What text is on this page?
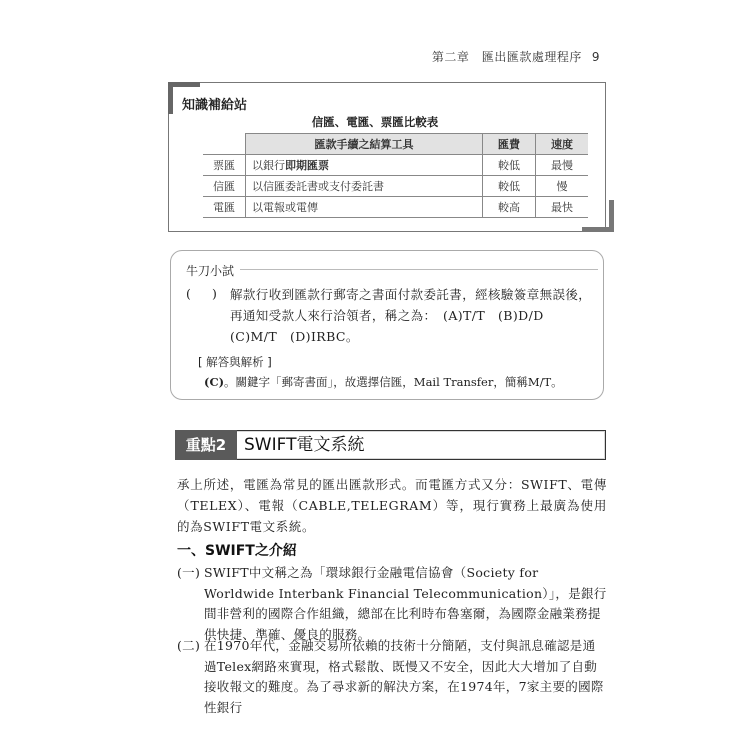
第二章　匯出匯款處理程序 9
知識補給站
信匯、電匯、票匯比較表
	匯款手續之結算工具	匯費	速度
票匯	以銀行即期匯票	較低	最慢
信匯	以信匯委託書或支付委託書	較低	慢
電匯	以電報或電傳	較高	最快
牛刀小試
( ) 解款行收到匯款行郵寄之書面付款委託書，經核驗簽章無誤後，再通知受款人來行洽領者，稱之為：　(A)T/T　(B)D/D　(C)M/T　(D)IRBC。
[ 解答與解析 ]
(C)。關鍵字「郵寄書面」，故選擇信匯，Mail Transfer，簡稱M/T。
重點2	SWIFT電文系統
承上所述，電匯為常見的匯出匯款形式。而電匯方式又分：SWIFT、電傳（TELEX）、電報（CABLE,TELEGRAM）等，現行實務上最廣為使用的為SWIFT電文系統。
一、SWIFT之介紹
(一) SWIFT中文稱之為「環球銀行金融電信協會（Society for Worldwide Interbank Financial Telecommunication）」，是銀行間非營利的國際合作組織，總部在比利時布魯塞爾，為國際金融業務提供快捷、準確、優良的服務。
(二) 在1970年代，金融交易所依賴的技術十分簡陋，支付與訊息確認是通過Telex網路來實現，格式鬆散、既慢又不安全，因此大大增加了自動接收報文的難度。為了尋求新的解決方案，在1974年，7家主要的國際性銀行
